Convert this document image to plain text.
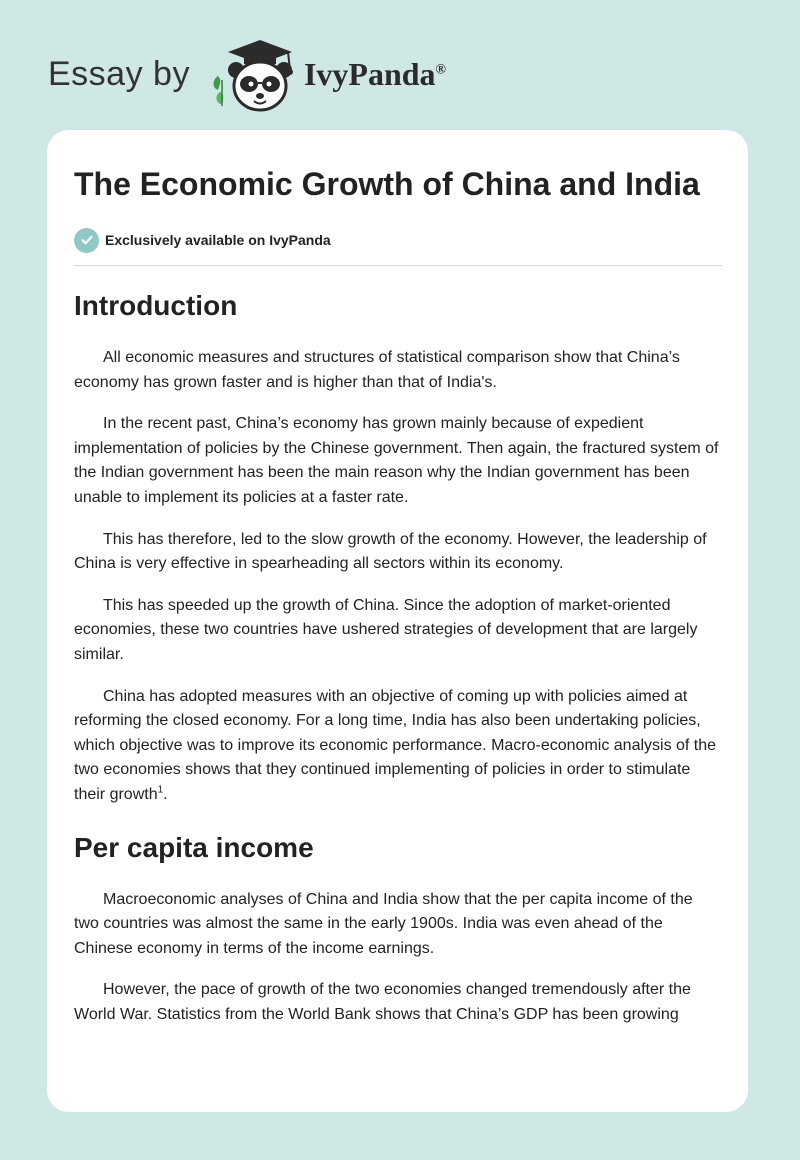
Essay by	IvyPanda®
The Economic Growth of China and India
Exclusively available on IvyPanda
Introduction

All economic measures and structures of statistical comparison show that China’s economy has grown faster and is higher than that of India's.

In the recent past, China’s economy has grown mainly because of expedient implementation of policies by the Chinese government. Then again, the fractured system of the Indian government has been the main reason why the Indian government has been unable to implement its policies at a faster rate.

This has therefore, led to the slow growth of the economy. However, the leadership of China is very effective in spearheading all sectors within its economy.

This has speeded up the growth of China. Since the adoption of market-oriented economies, these two countries have ushered strategies of development that are largely similar.

China has adopted measures with an objective of coming up with policies aimed at reforming the closed economy. For a long time, India has also been undertaking policies, which objective was to improve its economic performance. Macro-economic analysis of the two economies shows that they continued implementing of policies in order to stimulate their growth$^1$.

Per capita income

Macroeconomic analyses of China and India show that the per capita income of the two countries was almost the same in the early 1900s. India was even ahead of the Chinese economy in terms of the income earnings.

However, the pace of growth of the two economies changed tremendously after the World War. Statistics from the World Bank shows that China’s GDP has been growing
